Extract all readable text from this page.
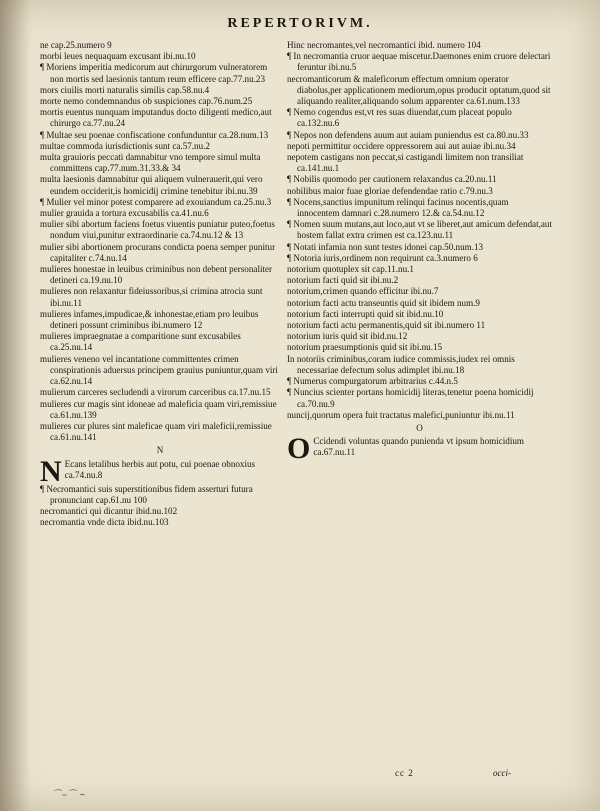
REPERTORIVM.

ne cap.25.numero 9

morbi leues nequaquam excusant ibi.nu.10

¶ Moriens imperitia medicorum aut chirurgorum vulneratorem non mortis sed laesionis tantum reum efficere cap.77.nu.23

mors ciuilis morti naturalis similis cap.58.nu.4

morte nemo condemnandus ob suspiciones cap.76.num.25

mortis euentus nunquam imputandus docto diligenti medico,aut chirurgo ca.77.nu.24

¶ Multae seu poenae confiscatione confunduntur ca.28.num.13

multae commoda iurisdictionis sunt ca.57.nu.2

multa grauioris peccati damnabitur vno tempore simul multa committens cap.77.num.31.33.& 34

multa laesionis damnabitur qui aliquem vulnerauerit,qui vero eundem occiderit,is homicidij crimine tenebitur ibi.nu.39

¶ Mulier vel minor potest comparere ad exouiandum ca.25.nu.3

mulier grauida a tortura excusabilis ca.41.nu.6

mulier sibi abortum faciens foetus viuentis puniatur puteo,foetus nondum viui,punitur extraordinarie ca.74.nu.12 & 13

mulier sibi abortionem procurans condicta poena semper punitur capitaliter c.74.nu.14

mulieres honestae in leuibus criminibus non debent personaliter detineri ca.19.nu.10

mulieres non relaxantur fideiussoribus,si crimina atrocia sunt ibi.nu.11

mulieres infames,impudicae,& inhonestae,etiam pro leuibus detineri possunt criminibus ibi.numero 12

mulieres impraegnatae a comparitione sunt excusabiles ca.25.nu.14

mulieres veneno vel incantatione committentes crimen conspirationis aduersus principem grauius puniuntur,quam viri ca.62.nu.14

mulierum carceres secludendi a virorum carceribus ca.17.nu.15

mulieres cur magis sint idoneae ad maleficia quam viri,remissiue ca.61.nu.139

mulieres cur plures sint maleficae quam viri maleficii,remissiue ca.61.nu.141

N

N Ecans letalibus herbis aut potu, cui poenae obnoxius ca.74.nu.8

¶ Necromantici suis superstitionibus fidem asserturi futura pronunciant cap.61.nu 100

necromantici qui dicantur ibid.nu.102

necromantia vnde dicta ibid.nu.103

Hinc necromantes,vel necromantici ibid. numero 104

¶ In necromantia cruor aequae miscetur.Daemones enim cruore delectari feruntur ibi.nu.5

necromanticorum & maleficorum effectum omnium operator diabolus,per applicationem mediorum,opus producit optatum,quod sit aliquando realiter,aliquando solum apparenter ca.61.num.133

¶ Nemo cogendus est,vt res suas diuendat,cum placeat populo ca.132.nu.6

¶ Nepos non defendens auum aut auiam puniendus est ca.80.nu.33

nepoti permittitur occidere oppressorem aui aut auiae ibi.nu.34

nepotem castigans non peccat,si castigandi limitem non transiliat ca.141.nu.1

¶ Nobilis quomodo per cautionem relaxandus ca.20.nu.11

nobilibus maior fuae gloriae defendendae ratio c.79.nu.3

¶ Nocens,sanctius impunitum relinqui facinus nocentis,quam innocentem damnari c.28.numero 12.& ca.54.nu.12

¶ Nomen suum mutans,aut loco,aut vt se liberet,aut amicum defendat,aut hostem fallat extra crimen est ca.123.nu.11

¶ Notati infamia non sunt testes idonei cap.50.num.13

¶ Notoria iuris,ordinem non requirunt ca.3.numero 6

notorium quotuplex sit cap.11.nu.1

notorium facti quid sit ibi.nu.2

notorium,crimen quando efficitur ibi.nu.7

notorium facti actu transeuntis quid sit ibidem num.9

notorium facti interrupti quid sit ibid.nu.10

notorium facti actu permanentis,quid sit ibi.numero 11

notorium iuris quid sit ibid.nu.12

notorium praesumptionis quid sit ibi.nu.15

In notoriis criminibus,coram iudice commissis,iudex rei omnis necessariae defectum solus adimplet ibi.nu.18

¶ Numerus compurgatorum arbitrarius c.44.n.5

¶ Nuncius scienter portans homicidij literas,tenetur poena homicidij ca.70.nu.9

nuncij,quorum opera fuit tractatus malefici,puniuntur ibi.nu.11

O

O Ccidendi voluntas quando punienda vt ipsum homicidium ca.67.nu.11

cc 2	occi-
⌒⌣⌒ ⌢
